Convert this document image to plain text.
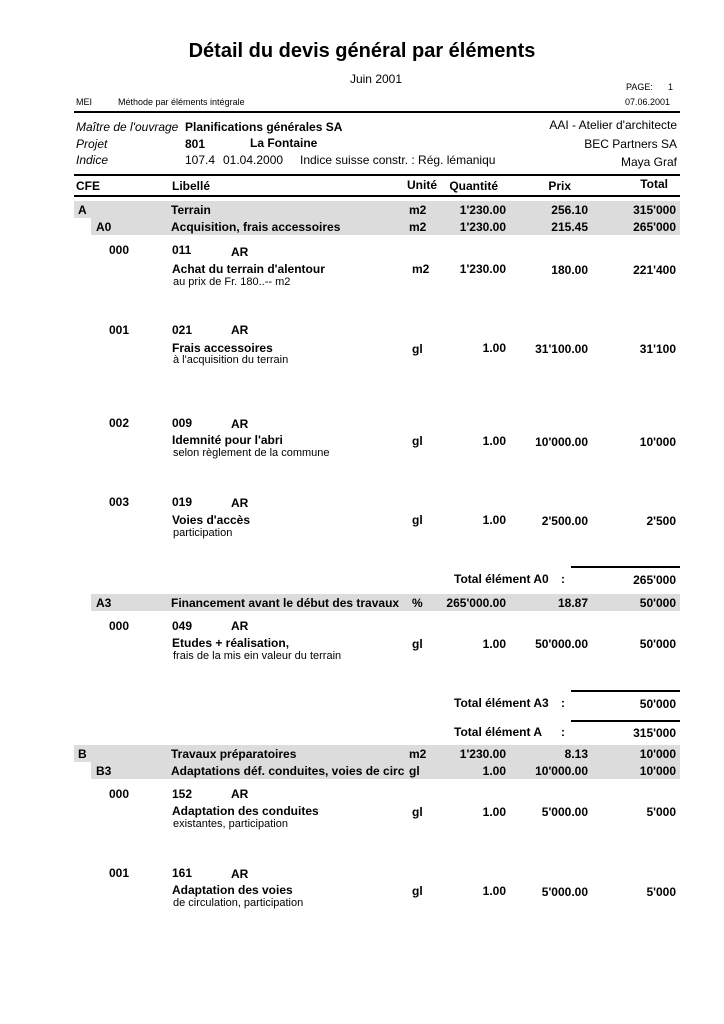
Détail du devis général par éléments
Juin 2001
PAGE: 1
MEI	Méthode par éléments intégrale	07.06.2001
Maître de l'ouvrage Planifications générales SA	AAI - Atelier d'architecte
Projet	801	La Fontaine	BEC Partners SA
Indice	107.4 01.04.2000 Indice suisse constr. : Rég. lémaniqu	Maya Graf
CFE	Libellé	Unité	Quantité	Prix	Total
A	Terrain	m2	1'230.00	256.10	315'000
A0	Acquisition, frais accessoires	m2	1'230.00	215.45	265'000
000	011	AR
Achat du terrain d'alentour
au prix de Fr. 180..-- m2
m2	1'230.00	180.00	221'400
001	021	AR
Frais accessoires
à l'acquisition du terrain
gl	1.00	31'100.00	31'100
002	009	AR
Idemnité pour l'abri
selon règlement de la commune
gl	1.00	10'000.00	10'000
003	019	AR
Voies d'accès
participation
gl	1.00	2'500.00	2'500
Total élément A0 :	265'000
A3	Financement avant le début des travaux	%	265'000.00	18.87	50'000
000	049	AR
Etudes + réalisation,
frais de la mis ein valeur du terrain
gl	1.00	50'000.00	50'000
Total élément A3 :	50'000
Total élément A :	315'000
B	Travaux préparatoires	m2	1'230.00	8.13	10'000
B3	Adaptations déf. conduites, voies de circ gl	1.00	10'000.00	10'000
000	152	AR
Adaptation des conduites
existantes, participation
gl	1.00	5'000.00	5'000
001	161	AR
Adaptation des voies
de circulation, participation
gl	1.00	5'000.00	5'000
